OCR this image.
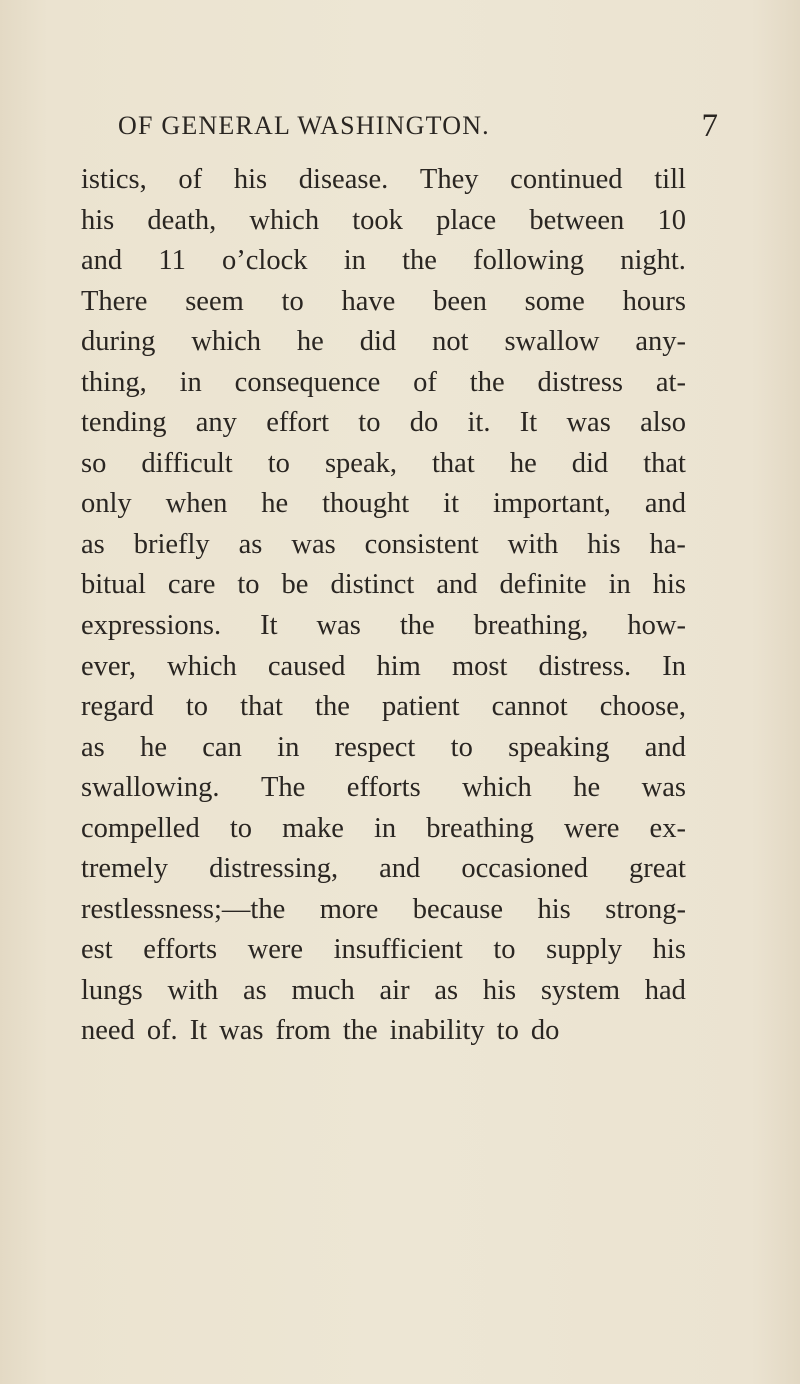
OF GENERAL WASHINGTON.	7
istics, of his disease. They continued till
his death, which took place between 10
and 11 o’clock in the following night.
There seem to have been some hours
during which he did not swallow any-
thing, in consequence of the distress at-
tending any effort to do it. It was also
so difficult to speak, that he did that
only when he thought it important, and
as briefly as was consistent with his ha-
bitual care to be distinct and definite in his
expressions. It was the breathing, how-
ever, which caused him most distress. In
regard to that the patient cannot choose,
as he can in respect to speaking and
swallowing. The efforts which he was
compelled to make in breathing were ex-
tremely distressing, and occasioned great
restlessness;—the more because his strong-
est efforts were insufficient to supply his
lungs with as much air as his system had
need of. It was from the inability to do
